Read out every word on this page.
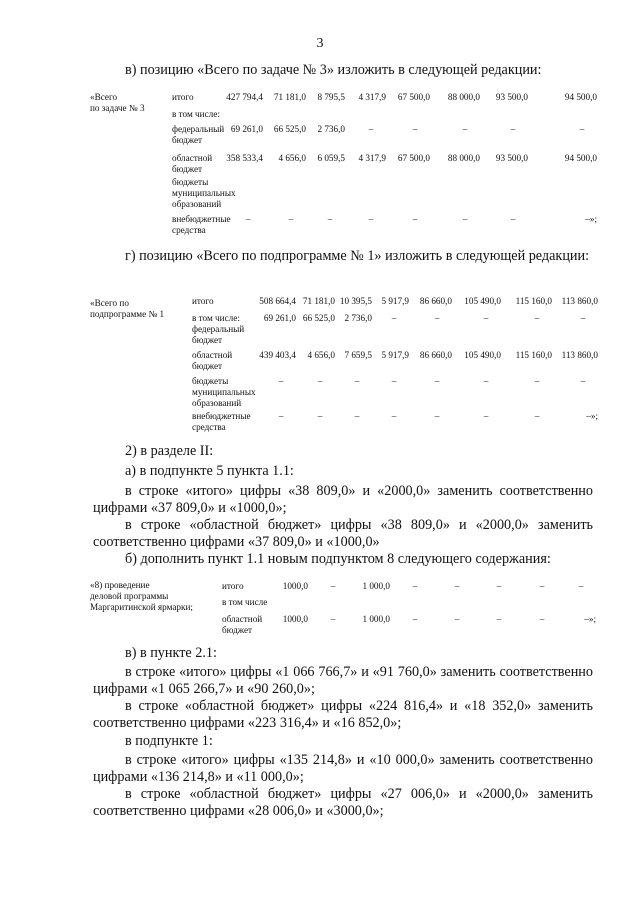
3
в) позицию «Всего по задаче № 3» изложить в следующей редакции:
«Всего
по задаче № 3
итого	427 794,4	71 181,0	8 795,5	4 317,9	67 500,0	88 000,0	93 500,0	94 500,0
в том числе:
федеральный
бюджет
69 261,0	66 525,0	2 736,0	–	–	–	–	–
областной
бюджет
358 533,4	4 656,0	6 059,5	4 317,9	67 500,0	88 000,0	93 500,0	94 500,0
бюджеты
муниципальных
образований
внебюджетные
средства
–	–	–	–	–	–	–	–»;
г) позицию «Всего по подпрограмме № 1» изложить в следующей редакции:
«Всего по
подпрограмме № 1
итого	508 664,4 71 181,0 10 395,5	5 917,9	86 660,0	105 490,0	115 160,0	113 860,0
в том числе:
федеральный
бюджет
69 261,0 66 525,0	2 736,0	–	–	–	–	–
областной
бюджет
439 403,4	4 656,0	7 659,5	5 917,9	86 660,0	105 490,0	115 160,0	113 860,0
бюджеты
муниципальных
образований
–	–	–	–	–	–	–	–
внебюджетные
средства
–	–	–	–	–	–	–	–»;
2) в разделе II:
а) в подпункте 5 пункта 1.1:
в строке «итого» цифры «38 809,0» и «2000,0» заменить соответственно цифрами «37 809,0» и «1000,0»;
в строке «областной бюджет» цифры «38 809,0» и «2000,0» заменить соответственно цифрами «37 809,0» и «1000,0»
б) дополнить пункт 1.1 новым подпунктом 8 следующего содержания:
«8) проведение
деловой программы
Маргаритинской ярмарки;
итого	1000,0	–	1 000,0	–	–	–	–	–
в том числе
областной
бюджет
1000,0	–	1 000,0	–	–	–	–	–»;
в) в пункте 2.1:
в строке «итого» цифры «1 066 766,7» и «91 760,0» заменить соответственно цифрами «1 065 266,7» и «90 260,0»;
в строке «областной бюджет» цифры «224 816,4» и «18 352,0» заменить соответственно цифрами «223 316,4» и «16 852,0»;
в подпункте 1:
в строке «итого» цифры «135 214,8» и «10 000,0» заменить соответственно цифрами «136 214,8» и «11 000,0»;
в строке «областной бюджет» цифры «27 006,0» и «2000,0» заменить соответственно цифрами «28 006,0» и «3000,0»;
